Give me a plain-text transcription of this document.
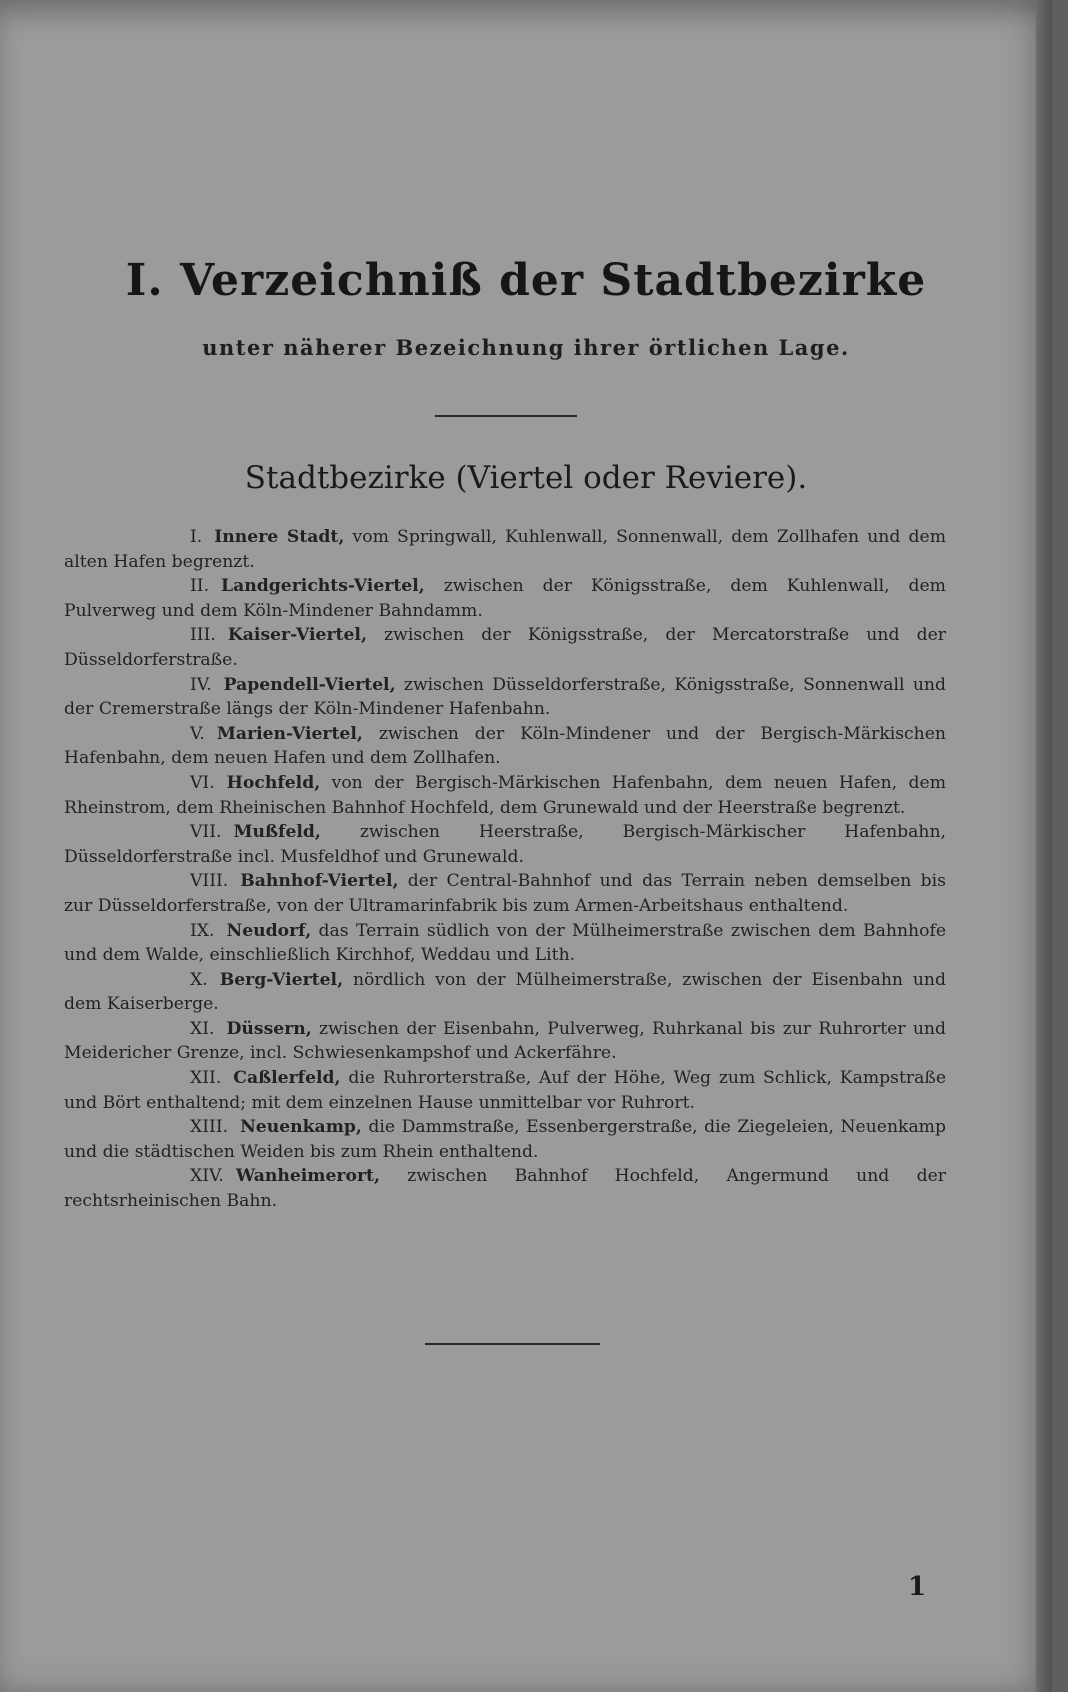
I. Verzeichniß der Stadtbezirke
unter näherer Bezeichnung ihrer örtlichen Lage.
Stadtbezirke (Viertel oder Reviere).

I. Innere Stadt, vom Springwall, Kuhlenwall, Sonnenwall, dem Zollhafen und dem alten Hafen begrenzt.

II. Landgerichts-Viertel, zwischen der Königsstraße, dem Kuhlenwall, dem Pulverweg und dem Köln-Mindener Bahndamm.

III. Kaiser-Viertel, zwischen der Königsstraße, der Mercatorstraße und der Düsseldorferstraße.

IV. Papendell-Viertel, zwischen Düsseldorferstraße, Königsstraße, Sonnenwall und der Cremerstraße längs der Köln-Mindener Hafenbahn.

V. Marien-Viertel, zwischen der Köln-Mindener und der Bergisch-Märkischen Hafenbahn, dem neuen Hafen und dem Zollhafen.

VI. Hochfeld, von der Bergisch-Märkischen Hafenbahn, dem neuen Hafen, dem Rheinstrom, dem Rheinischen Bahnhof Hochfeld, dem Grunewald und der Heerstraße begrenzt.

VII. Mußfeld, zwischen Heerstraße, Bergisch-Märkischer Hafenbahn, Düsseldorferstraße incl. Musfeldhof und Grunewald.

VIII. Bahnhof-Viertel, der Central-Bahnhof und das Terrain neben demselben bis zur Düsseldorferstraße, von der Ultramarinfabrik bis zum Armen-Arbeitshaus enthaltend.

IX. Neudorf, das Terrain südlich von der Mülheimerstraße zwischen dem Bahnhofe und dem Walde, einschließlich Kirchhof, Weddau und Lith.

X. Berg-Viertel, nördlich von der Mülheimerstraße, zwischen der Eisenbahn und dem Kaiserberge.

XI. Düssern, zwischen der Eisenbahn, Pulverweg, Ruhrkanal bis zur Ruhrorter und Meidericher Grenze, incl. Schwiesenkampshof und Ackerfähre.

XII. Caßlerfeld, die Ruhrorterstraße, Auf der Höhe, Weg zum Schlick, Kampstraße und Bört enthaltend; mit dem einzelnen Hause unmittelbar vor Ruhrort.

XIII. Neuenkamp, die Dammstraße, Essenbergerstraße, die Ziegeleien, Neuenkamp und die städtischen Weiden bis zum Rhein enthaltend.

XIV. Wanheimerort, zwischen Bahnhof Hochfeld, Angermund und der rechtsrheinischen Bahn.

1
